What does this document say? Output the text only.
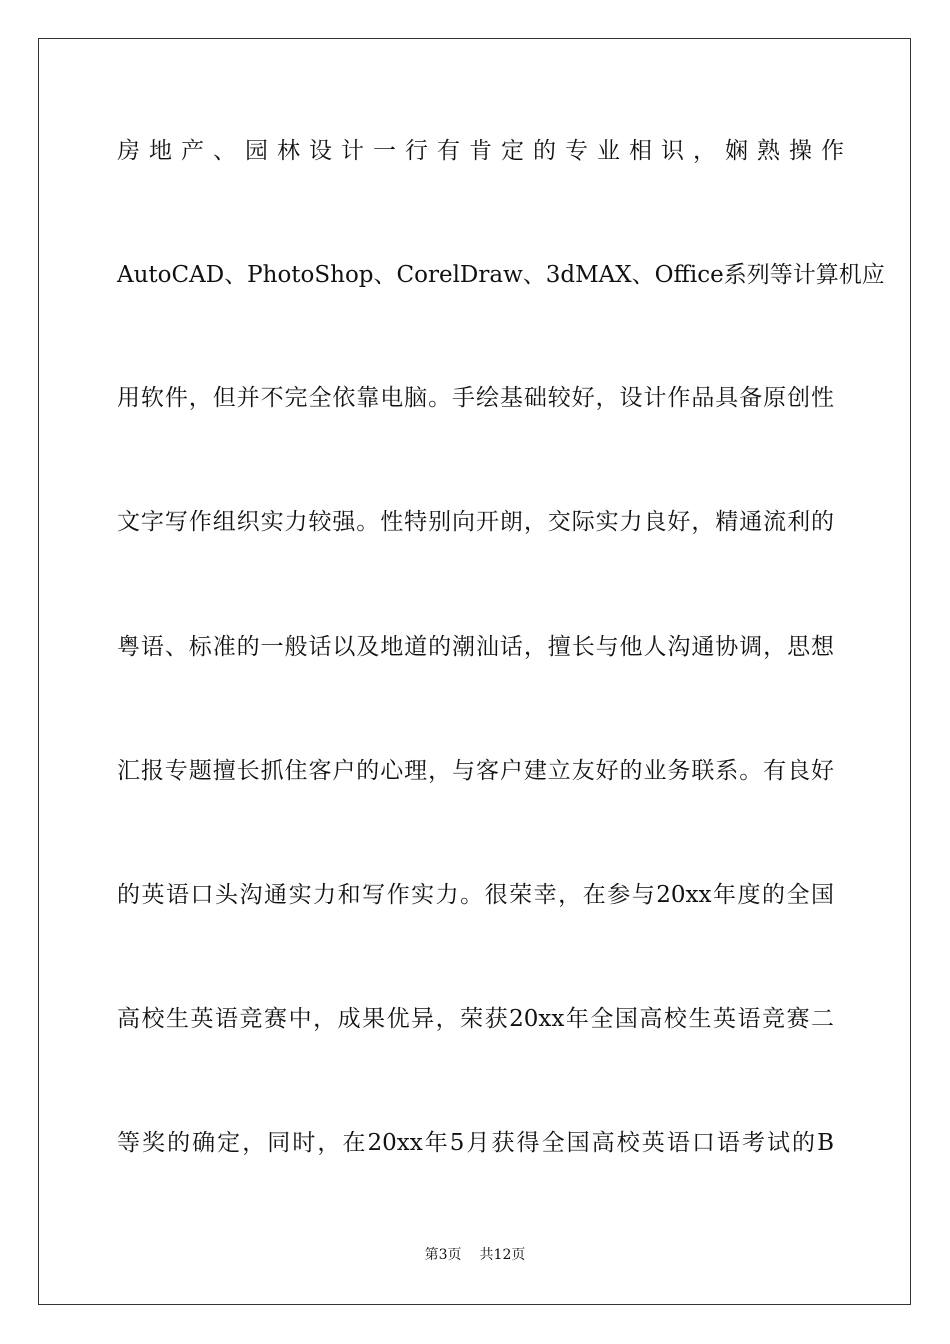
房地产、园林设计一行有肯定的专业相识，娴熟操作
AutoCAD、PhotoShop、CorelDraw、3dMAX、Office系列等计算机应
用软件，但并不完全依靠电脑。手绘基础较好，设计作品具备原创性
文字写作组织实力较强。性特别向开朗，交际实力良好，精通流利的
粤语、标准的一般话以及地道的潮汕话，擅长与他人沟通协调，思想
汇报专题擅长抓住客户的心理，与客户建立友好的业务联系。有良好
的英语口头沟通实力和写作实力。很荣幸，在参与20xx年度的全国
高校生英语竞赛中，成果优异，荣获20xx年全国高校生英语竞赛二
等奖的确定，同时，在20xx年5月获得全国高校英语口语考试的B
第3页 共12页
